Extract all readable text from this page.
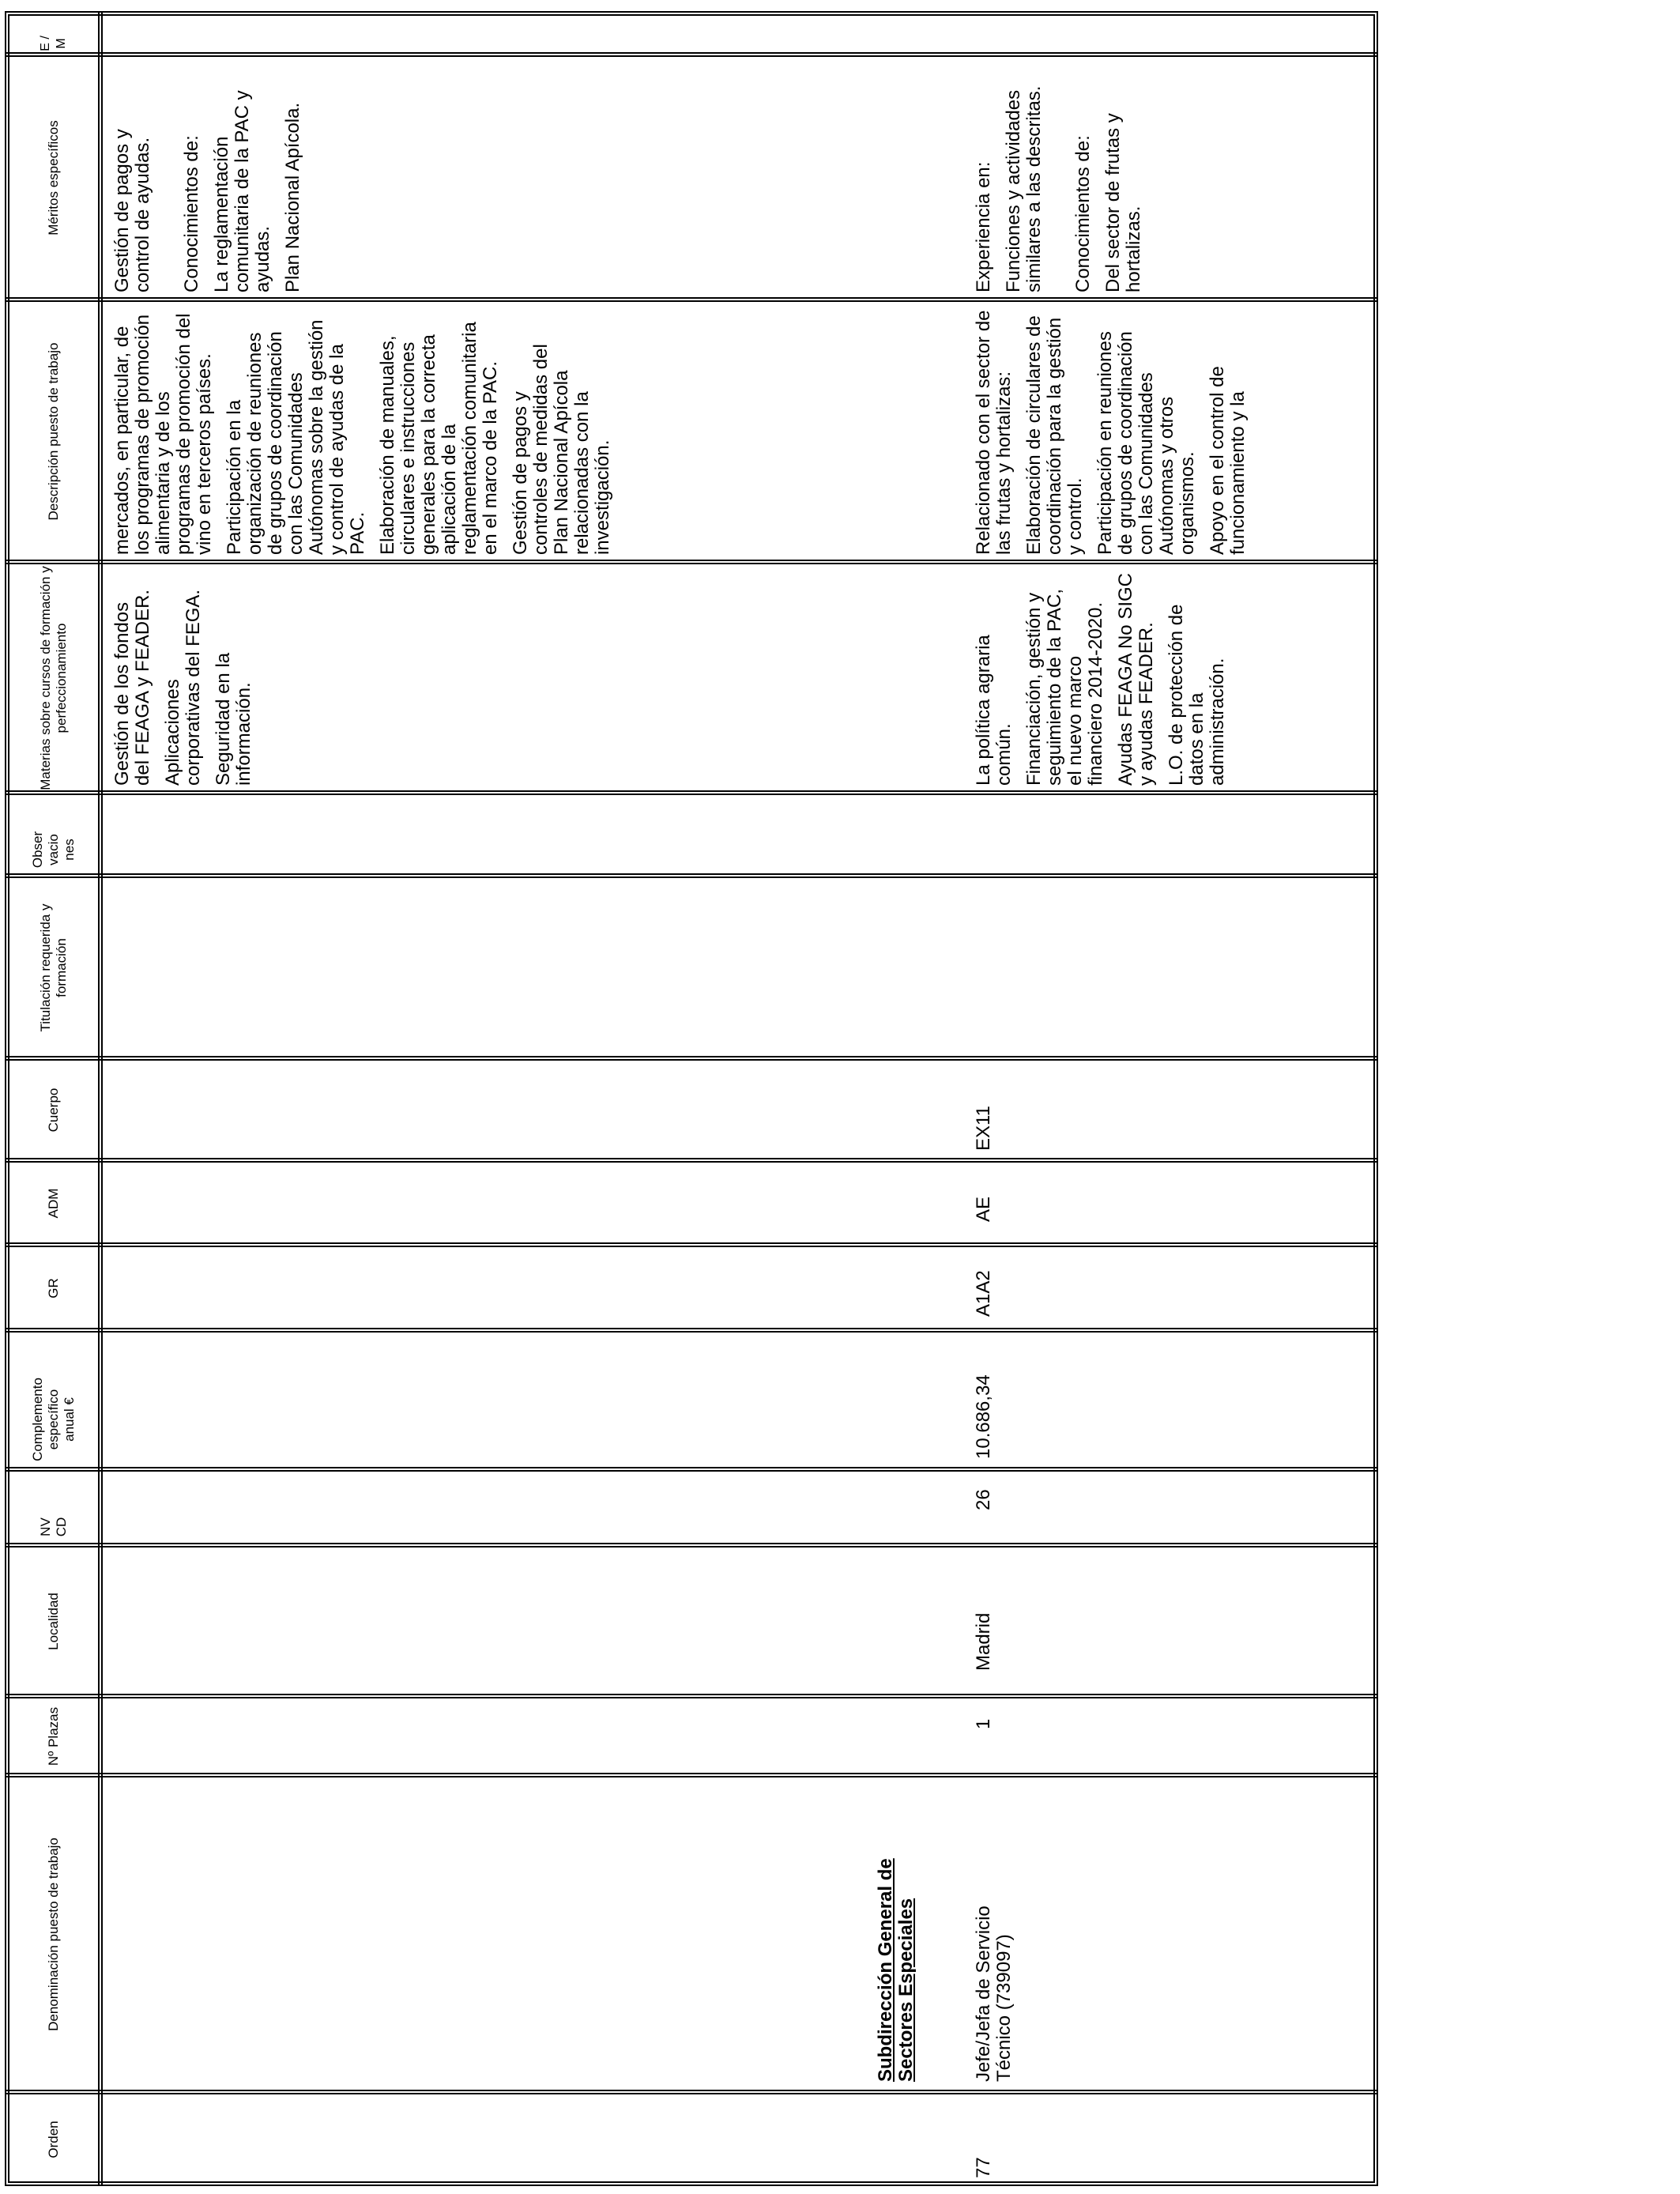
Orden
Denominación puesto de trabajo
Nº Plazas
Localidad
NV CD
Complemento específico anual €
GR
ADM
Cuerpo
Titulación requerida y formación
Obser vacio nes
Materias sobre cursos de formación y perfeccionamiento
Descripción puesto de trabajo
Méritos específicos
E / M

Gestión de pagos y control de ayudas. Conocimientos de: La reglamentación comunitaria de la PAC y ayudas. Plan Nacional Apícola.

mercados, en particular, de los programas de promoción alimentaria y de los programas de promoción del vino en terceros países. Participación en la organización de reuniones de grupos de coordinación con las Comunidades Autónomas sobre la gestión y control de ayudas de la PAC. Elaboración de manuales, circulares e instrucciones generales para la correcta aplicación de la reglamentación comunitaria en el marco de la PAC. Gestión de pagos y controles de medidas del Plan Nacional Apícola relacionadas con la investigación.

Gestión de los fondos del FEAGA y FEADER. Aplicaciones corporativas del FEGA. Seguridad en la información.

Subdirección General de Sectores Especiales
77
Jefe/Jefa de Servicio Técnico (739097)
1
Madrid
26
10.686,34
A1A2
AE
EX11

La política agraria común. Financiación, gestión y seguimiento de la PAC, el nuevo marco financiero 2014-2020. Ayudas FEAGA No SIGC y ayudas FEADER. L.O. de protección de datos en la administración.

Relacionado con el sector de las frutas y hortalizas: Elaboración de circulares de coordinación para la gestión y control. Participación en reuniones de grupos de coordinación con las Comunidades Autónomas y otros organismos. Apoyo en el control de funcionamiento y la

Experiencia en: Funciones y actividades similares a las descritas. Conocimientos de: Del sector de frutas y hortalizas.
